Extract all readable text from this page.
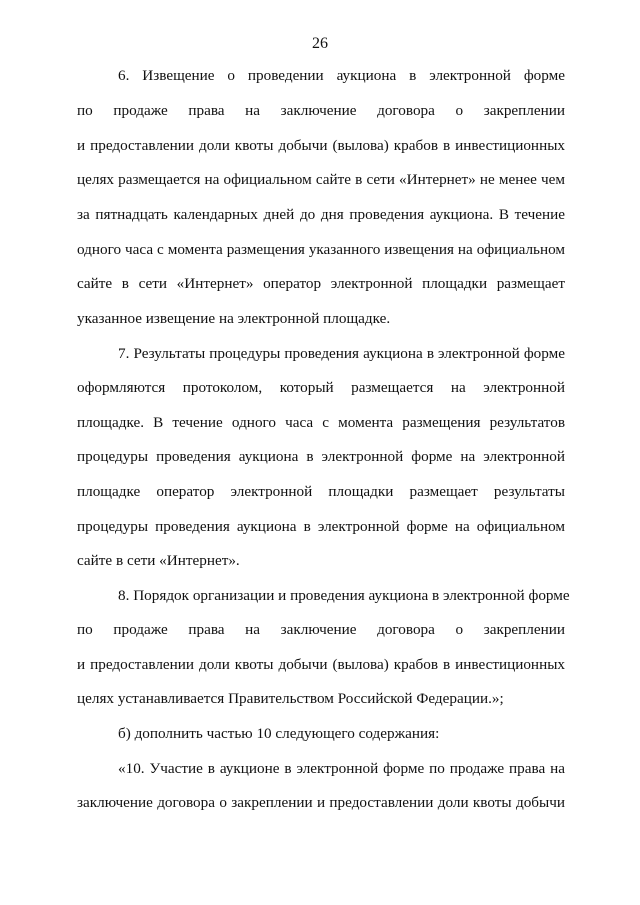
26
6. Извещение о проведении аукциона в электронной форме
по продаже права на заключение договора о закреплении
и предоставлении доли квоты добычи (вылова) крабов в инвестиционных
целях размещается на официальном сайте в сети «Интернет» не менее чем
за пятнадцать календарных дней до дня проведения аукциона. В течение
одного часа с момента размещения указанного извещения на официальном
сайте в сети «Интернет» оператор электронной площадки размещает
указанное извещение на электронной площадке.
7. Результаты процедуры проведения аукциона в электронной форме
оформляются протоколом, который размещается на электронной
площадке. В течение одного часа с момента размещения результатов
процедуры проведения аукциона в электронной форме на электронной
площадке оператор электронной площадки размещает результаты
процедуры проведения аукциона в электронной форме на официальном
сайте в сети «Интернет».
8. Порядок организации и проведения аукциона в электронной форме
по продаже права на заключение договора о закреплении
и предоставлении доли квоты добычи (вылова) крабов в инвестиционных
целях устанавливается Правительством Российской Федерации.»;
б) дополнить частью 10 следующего содержания:
«10. Участие в аукционе в электронной форме по продаже права на
заключение договора о закреплении и предоставлении доли квоты добычи
